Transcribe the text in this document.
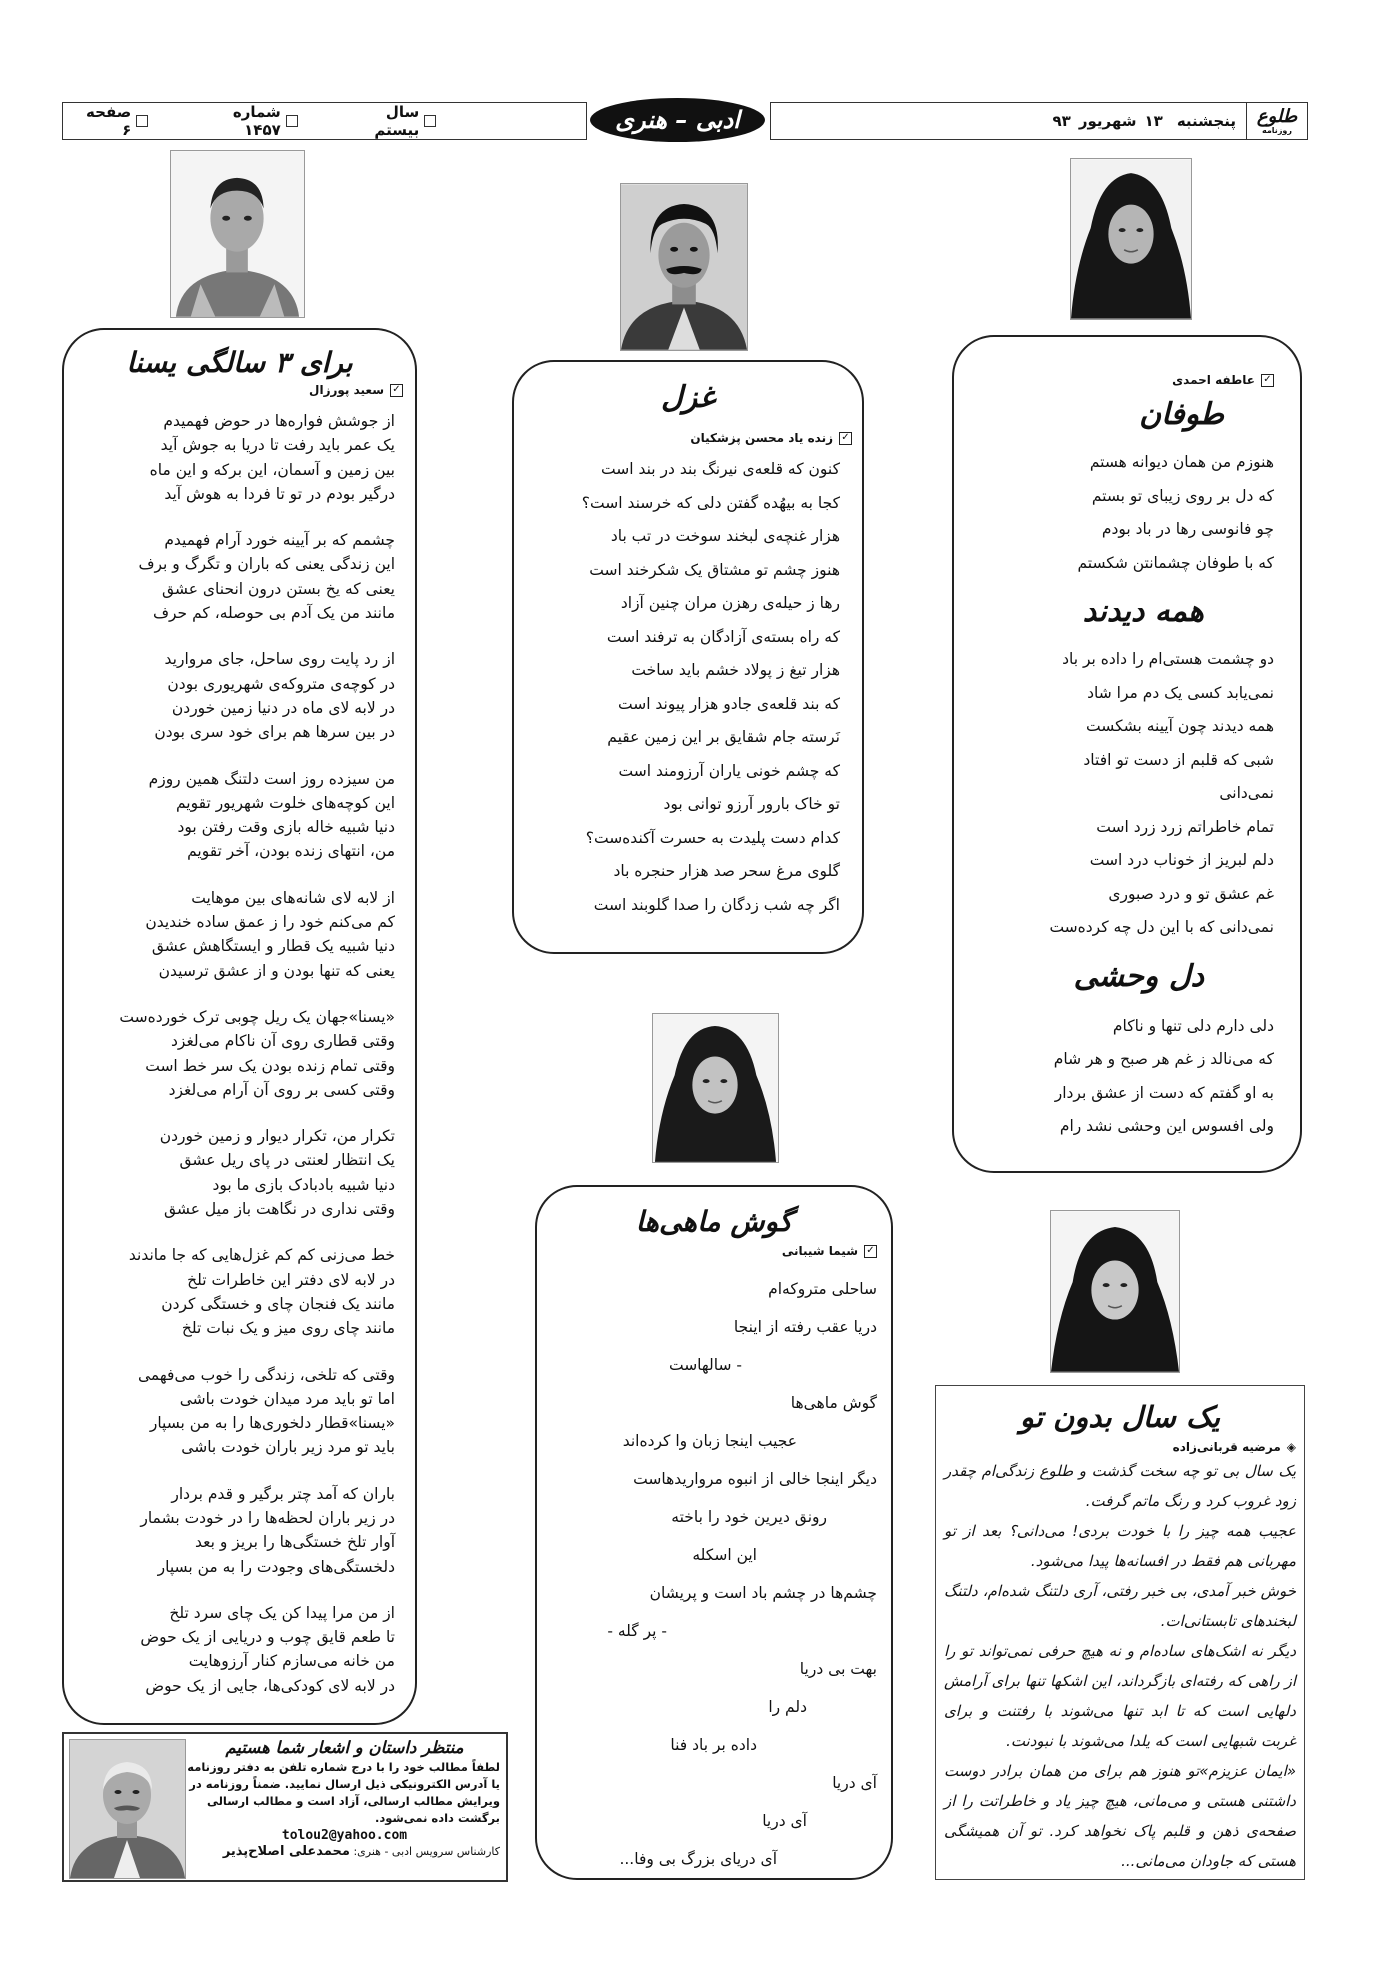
طلوع
روزنامه
پنجشنبه
۱۳
شهریور
۹۳
ادبی – هنری
سال بیستم
شماره ۱۴۵۷
صفحه ۶
✓
عاطفه احمدی
طوفان
هنوزم من همان دیوانه هستم
که دل بر روی زیبای تو بستم
چو فانوسی رها در باد بودم
که با طوفان چشمانتن شکستم
همه دیدند
دو چشمت هستی‌ام را داده بر باد
نمی‌یابد کسی یک دم مرا شاد
همه دیدند چون آیینه بشکست
شبی که قلبم از دست تو افتاد
نمی‌دانی
تمام خاطراتم زرد زرد است
دلم لبریز از خوناب درد است
غم عشق تو و درد صبوری
نمی‌دانی که با این دل چه کرده‌ست
دل وحشی
دلی دارم دلی تنها و ناکام
که می‌نالد ز غم هر صبح و هر شام
به او گفتم که دست از عشق بردار
ولی افسوس این وحشی نشد رام
غزل
✓
زنده یاد محسن پزشکیان
کنون که قلعه‌ی نیرنگ بند در بند است
کجا به بیهُده گفتن دلی که خرسند است؟
هزار غنچه‌ی لبخند سوخت در تب باد
هنوز چشم تو مشتاق یک شکرخند است
رها ز حیله‌ی رهزن مران چنین آزاد
که راه بسته‌ی آزادگان به ترفند است
هزار تیغ ز پولاد خشم باید ساخت
که بند قلعه‌ی جادو هزار پیوند است
نَرسته جام شقایق بر این زمین عقیم
که چشم خونی یاران آرزومند است
تو خاک بارور آرزو توانی بود
کدام دست پلیدت به حسرت آکنده‌ست؟
گلوی مرغ سحر صد هزار حنجره باد
اگر چه شب زدگان را صدا گلوبند است
برای ۳ سالگی یسنا
سعید پورزال ✓
از جوشش فواره‌ها در حوض فهمیدم
یک عمر باید رفت تا دریا به جوش آید
بین زمین و آسمان، این برکه و این ماه
درگیر بودم در تو تا فردا به هوش آید
چشمم که بر آیینه خورد آرام فهمیدم
این زندگی یعنی که باران و تگرگ و برف
یعنی که یخ بستن درون انحنای عشق
مانند من یک آدم بی حوصله، کم حرف
از رد پایت روی ساحل، جای مروارید
در کوچه‌ی متروکه‌ی شهریوری بودن
در لابه لای ماه در دنیا زمین خوردن
در بین سرها هم برای خود سری بودن
من سیزده روز است دلتنگ همین روزم
این کوچه‌های خلوت شهریور تقویم
دنیا شبیه خاله بازی وقت رفتن بود
من، انتهای زنده بودن، آخر تقویم
از لابه لای شانه‌های بین موهایت
کم می‌کنم خود را ز عمق ساده خندیدن
دنیا شبیه یک قطار و ایستگاهش عشق
یعنی که تنها بودن و از عشق ترسیدن
«یسنا»جهان یک ریل چوبی ترک خورده‌ست
وقتی قطاری روی آن ناکام می‌لغزد
وقتی تمام زنده بودن یک سر خط است
وقتی کسی بر روی آن آرام می‌لغزد
تکرار من، تکرار دیوار و زمین خوردن
یک انتظار لعنتی در پای ریل عشق
دنیا شبیه بادبادک بازی ما بود
وقتی نداری در نگاهت باز میل عشق
خط می‌زنی کم کم غزل‌هایی که جا ماندند
در لابه لای دفتر این خاطرات تلخ
مانند یک فنجان چای و خستگی کردن
مانند چای روی میز و یک نبات تلخ
وقتی که تلخی، زندگی را خوب می‌فهمی
اما تو باید مرد میدان خودت باشی
«یسنا»قطار دلخوری‌ها را به من بسپار
باید تو مرد زیر باران خودت باشی
باران که آمد چتر برگیر و قدم بردار
در زیر باران لحظه‌ها را در خودت بشمار
آوار تلخ خستگی‌ها را بریز و بعد
دلخستگی‌های وجودت را به من بسپار
از من مرا پیدا کن یک چای سرد تلخ
تا طعم قایق چوب و دریایی از یک حوض
من خانه می‌سازم کنار آرزوهایت
در لابه لای کودکی‌ها، جایی از یک حوض
گوش ماهی‌ها
شیما شیبانی ✓
ساحلی متروکه‌ام
دریا عقب رفته از اینجا
- سالهاست
گوش ماهی‌ها
عجیب اینجا زبان وا کرده‌اند
دیگر اینجا خالی از انبوه مرواریدهاست
رونق دیرین خود را باخته
این اسکله
چشم‌ها در چشم باد است و پریشان
- پر گله -
بهت بی دریا
دلم را
داده بر باد فنا
آی دریا
آی دریا
آی دریای بزرگ بی وفا...
یک سال بدون تو
◈
مرضیه قربانی‌زاده
یک سال بی تو چه سخت گذشت و طلوع زندگی‌ام چقدر زود غروب کرد و رنگ ماتم گرفت.
عجیب همه چیز را با خودت بردی! می‌دانی؟ بعد از تو مهربانی هم فقط در افسانه‌ها پیدا می‌شود.
خوش خبر آمدی، بی خبر رفتی، آری دلتنگ شده‌ام، دلتنگ لبخندهای تابستانی‌ات.
دیگر نه اشک‌های ساده‌ام و نه هیچ حرفی نمی‌تواند تو را از راهی که رفته‌ای بازگرداند، این اشکها تنها برای آرامش دلهایی است که تا ابد تنها می‌شوند با رفتنت و برای غربت شبهایی است که یلدا می‌شوند با نبودنت.
«ایمان عزیزم»تو هنوز هم برای من همان برادر دوست داشتنی هستی و می‌مانی، هیچ چیز یاد و خاطراتت را از صفحه‌ی ذهن و قلبم پاک نخواهد کرد. تو آن همیشگی هستی که جاودان می‌مانی...
منتظر داستان و اشعار شما هستیم
لطفاً مطالب خود را با درج شماره تلفن به دفتر روزنامه
یا آدرس الکترونیکی ذیل ارسال نمایید. ضمناً روزنامه در
ویرایش مطالب ارسالی، آزاد است و مطالب ارسالی
برگشت داده نمی‌شود.
tolou2@yahoo.com
کارشناس سرویس ادبی - هنری: محمدعلی اصلاح‌پذیر
